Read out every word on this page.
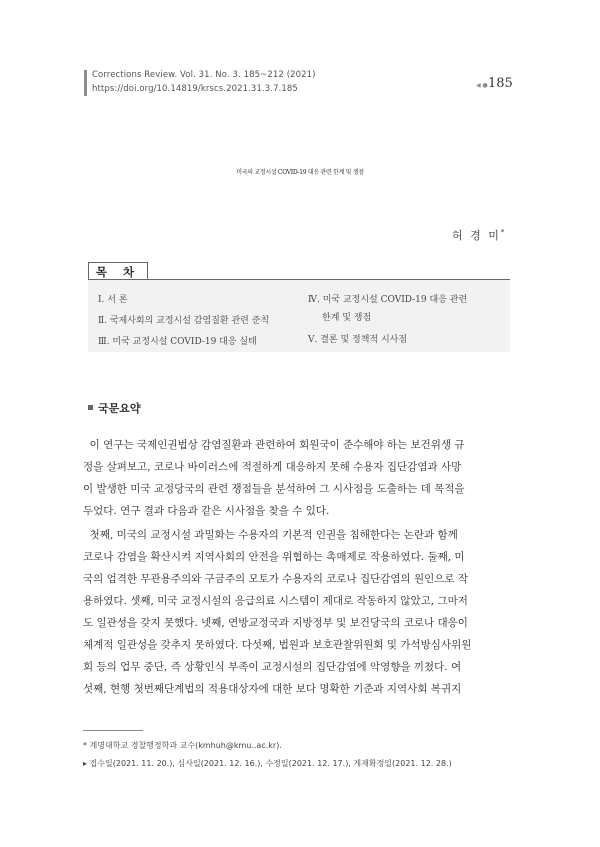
Corrections Review. Vol. 31. No. 3. 185~212 (2021)
https://doi.org/10.14819/krscs.2021.31.3.7.185	◀ ● 185
미국의 교정시설 COVID-19 대응 관련 한계 및 쟁점
허 경 미*
목 차
Ⅰ. 서 론
Ⅱ. 국제사회의 교정시설 감염질환 관련 준칙
Ⅲ. 미국 교정시설 COVID-19 대응 실태
Ⅳ. 미국 교정시설 COVID-19 대응 관련
한계 및 쟁점
Ⅴ. 결론 및 정책적 시사점
국문요약
이 연구는 국제인권법상 감염질환과 관련하여 회원국이 준수해야 하는 보건위생 규
정을 살펴보고, 코로나 바이러스에 적절하게 대응하지 못해 수용자 집단감염과 사망
이 발생한 미국 교정당국의 관련 쟁점들을 분석하여 그 시사점을 도출하는 데 목적을
두었다. 연구 결과 다음과 같은 시사점을 찾을 수 있다.
첫째, 미국의 교정시설 과밀화는 수용자의 기본적 인권을 침해한다는 논란과 함께
코로나 감염을 확산시켜 지역사회의 안전을 위협하는 촉매제로 작용하였다. 둘째, 미
국의 엄격한 무관용주의와 구금주의 모토가 수용자의 코로나 집단감염의 원인으로 작
용하였다. 셋째, 미국 교정시설의 응급의료 시스템이 제대로 작동하지 않았고, 그마저
도 일관성을 갖지 못했다. 넷째, 연방교정국과 지방정부 및 보건당국의 코로나 대응이
체계적 일관성을 갖추지 못하였다. 다섯째, 법원과 보호관찰위원회 및 가석방심사위원
회 등의 업무 중단, 즉 상황인식 부족이 교정시설의 집단감염에 악영향을 끼쳤다. 여
섯째, 현행 첫번째단계법의 적용대상자에 대한 보다 명확한 기준과 지역사회 복귀지
* 계명대학교 경찰행정학과 교수(kmhuh@kmu..ac.kr).
▸ 접수일(2021. 11. 20.), 심사일(2021. 12. 16.), 수정일(2021. 12. 17.), 게재확정일(2021. 12. 28.)
